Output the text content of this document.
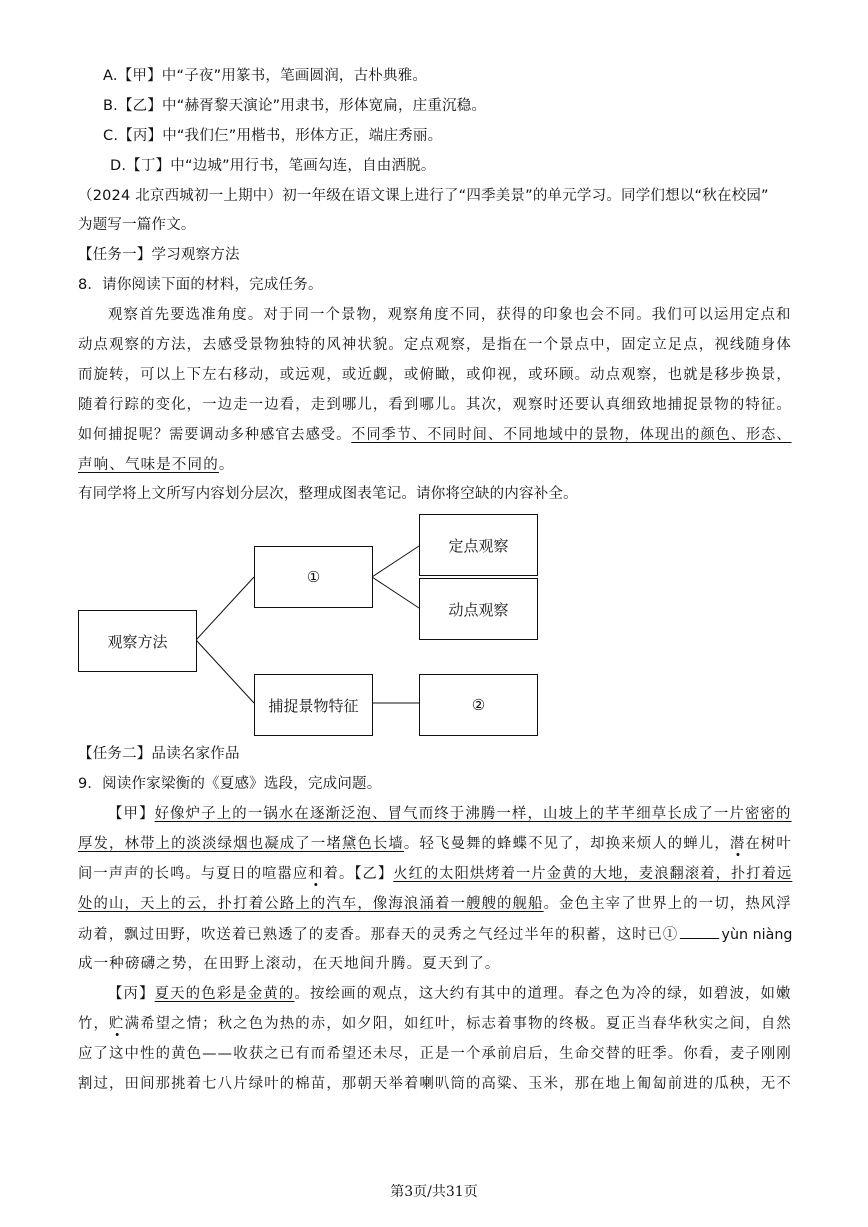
A.【甲】中“子夜”用篆书，笔画圆润，古朴典雅。
B.【乙】中“赫胥黎天演论”用隶书，形体宽扁，庄重沉稳。
C.【丙】中“我们仨”用楷书，形体方正，端庄秀丽。
D.【丁】中“边城”用行书，笔画勾连，自由洒脱。
（2024 北京西城初一上期中）初一年级在语文课上进行了“四季美景”的单元学习。同学们想以“秋在校园”
为题写一篇作文。
【任务一】学习观察方法
8．请你阅读下面的材料，完成任务。
观察首先要选准角度。对于同一个景物，观察角度不同，获得的印象也会不同。我们可以运用定点和
动点观察的方法，去感受景物独特的风神状貌。定点观察，是指在一个景点中，固定立足点，视线随身体
而旋转，可以上下左右移动，或远观，或近觑，或俯瞰，或仰视，或环顾。动点观察，也就是移步换景，
随着行踪的变化，一边走一边看，走到哪儿，看到哪儿。其次，观察时还要认真细致地捕捉景物的特征。
如何捕捉呢？需要调动多种感官去感受。不同季节、不同时间、不同地域中的景物，体现出的颜色、形态、
声响、气味是不同的。
有同学将上文所写内容划分层次，整理成图表笔记。请你将空缺的内容补全。
观察方法
①
定点观察
动点观察
捕捉景物特征	②
【任务二】品读名家作品
9．阅读作家梁衡的《夏感》选段，完成问题。
【甲】好像炉子上的一锅水在逐渐泛泡、冒气而终于沸腾一样，山坡上的芊芊细草长成了一片密密的
厚发，林带上的淡淡绿烟也凝成了一堵黛色长墙。轻飞曼舞的蜂蝶不见了，却换来烦人的蝉儿，潜在树叶
间一声声的长鸣。与夏日的喧嚣应和着。【乙】火红的太阳烘烤着一片金黄的大地，麦浪翻滚着，扑打着远
处的山，天上的云，扑打着公路上的汽车，像海浪涌着一艘艘的舰船。金色主宰了世界上的一切，热风浮
动着，飘过田野，吹送着已熟透了的麦香。那春天的灵秀之气经过半年的积蓄，这时已①	yùn niàng
成一种磅礴之势，在田野上滚动，在天地间升腾。夏天到了。
【丙】夏天的色彩是金黄的。按绘画的观点，这大约有其中的道理。春之色为冷的绿，如碧波，如嫩
竹，贮满希望之情；秋之色为热的赤，如夕阳，如红叶，标志着事物的终极。夏正当春华秋实之间，自然
应了这中性的黄色——收获之已有而希望还未尽，正是一个承前启后，生命交替的旺季。你看，麦子刚刚
割过，田间那挑着七八片绿叶的棉苗，那朝天举着喇叭筒的高粱、玉米，那在地上匍匐前进的瓜秧，无不
第3页/共31页
